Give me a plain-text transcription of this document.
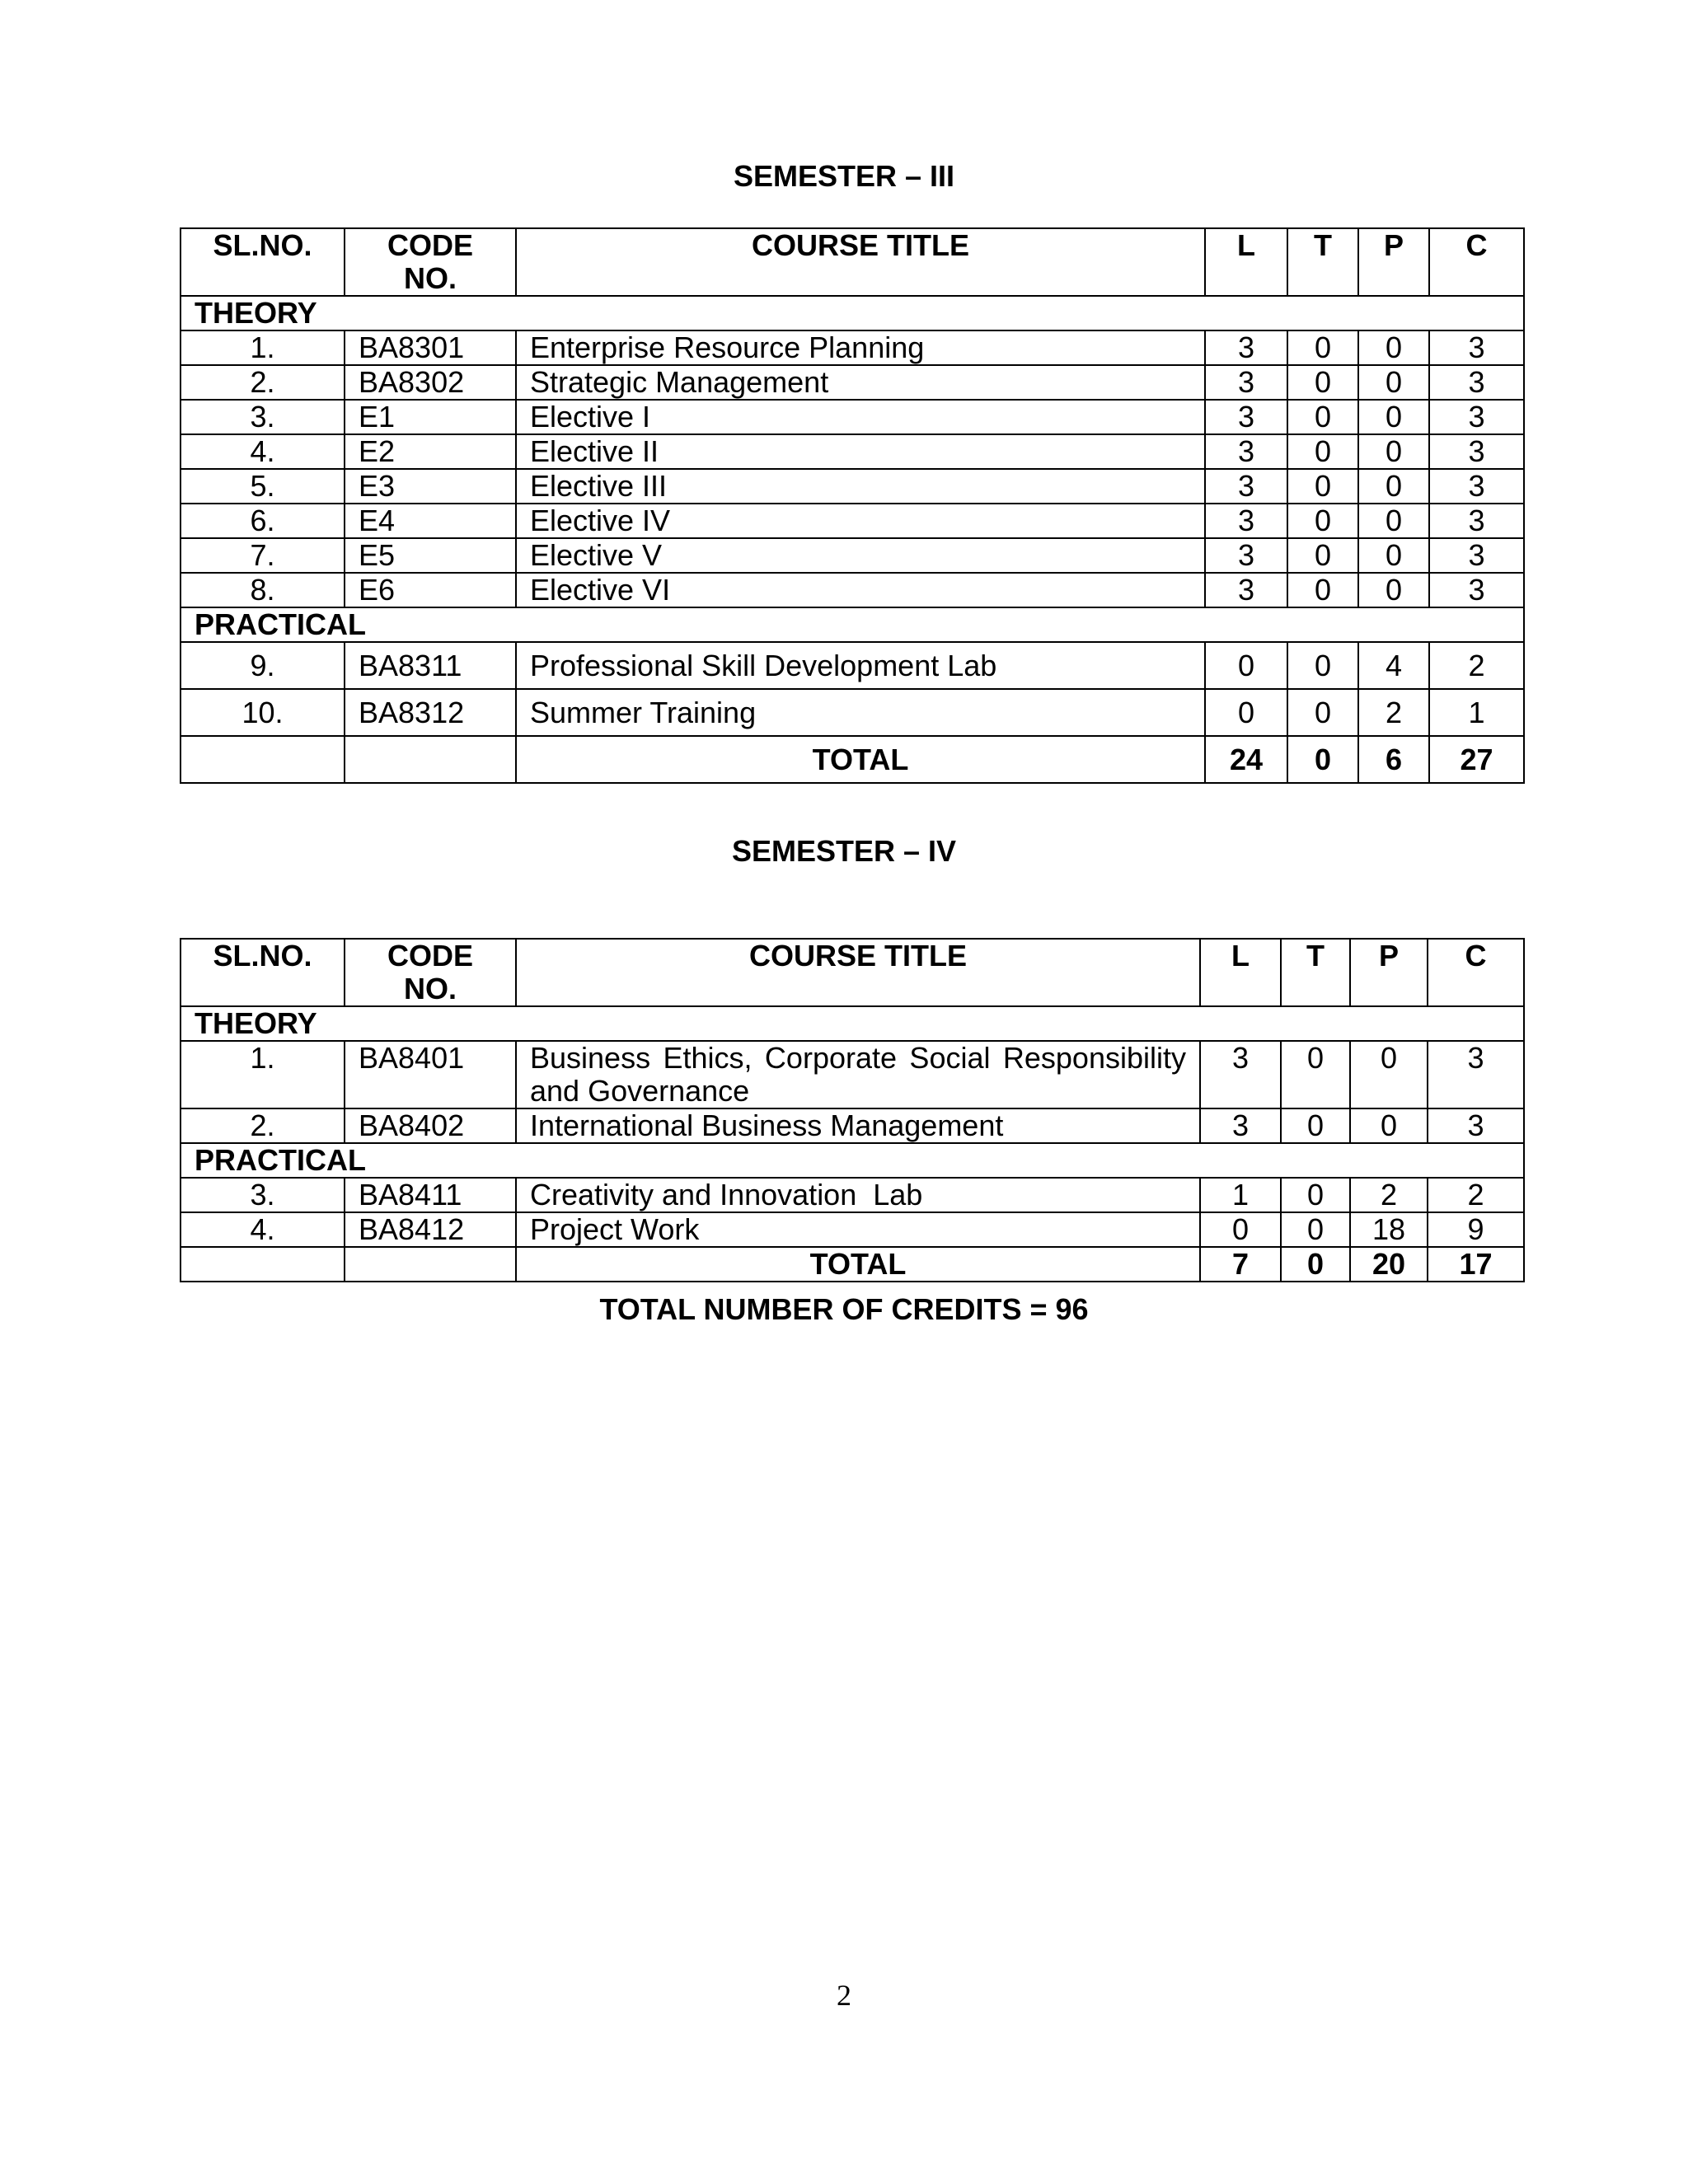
SEMESTER – III
SL.NO.	CODE NO.	COURSE TITLE	L	T	P	C
THEORY						
1.	BA8301	Enterprise Resource Planning	3	0	0	3
2.	BA8302	Strategic Management	3	0	0	3
3.	E1	Elective I	3	0	0	3
4.	E2	Elective II	3	0	0	3
5.	E3	Elective III	3	0	0	3
6.	E4	Elective IV	3	0	0	3
7.	E5	Elective V	3	0	0	3
8.	E6	Elective VI	3	0	0	3
PRACTICAL						
9.	BA8311	Professional Skill Development Lab	0	0	4	2
10.	BA8312	Summer Training	0	0	2	1
		TOTAL	24	0	6	27
SEMESTER – IV
SL.NO.	CODE NO.	COURSE TITLE	L	T	P	C
THEORY						
1.	BA8401	Business Ethics, Corporate Social Responsibility and Governance	3	0	0	3
2.	BA8402	International Business Management	3	0	0	3
PRACTICAL						
3.	BA8411	Creativity and Innovation  Lab	1	0	2	2
4.	BA8412	Project Work	0	0	18	9
		TOTAL	7	0	20	17
TOTAL NUMBER OF CREDITS = 96
2
